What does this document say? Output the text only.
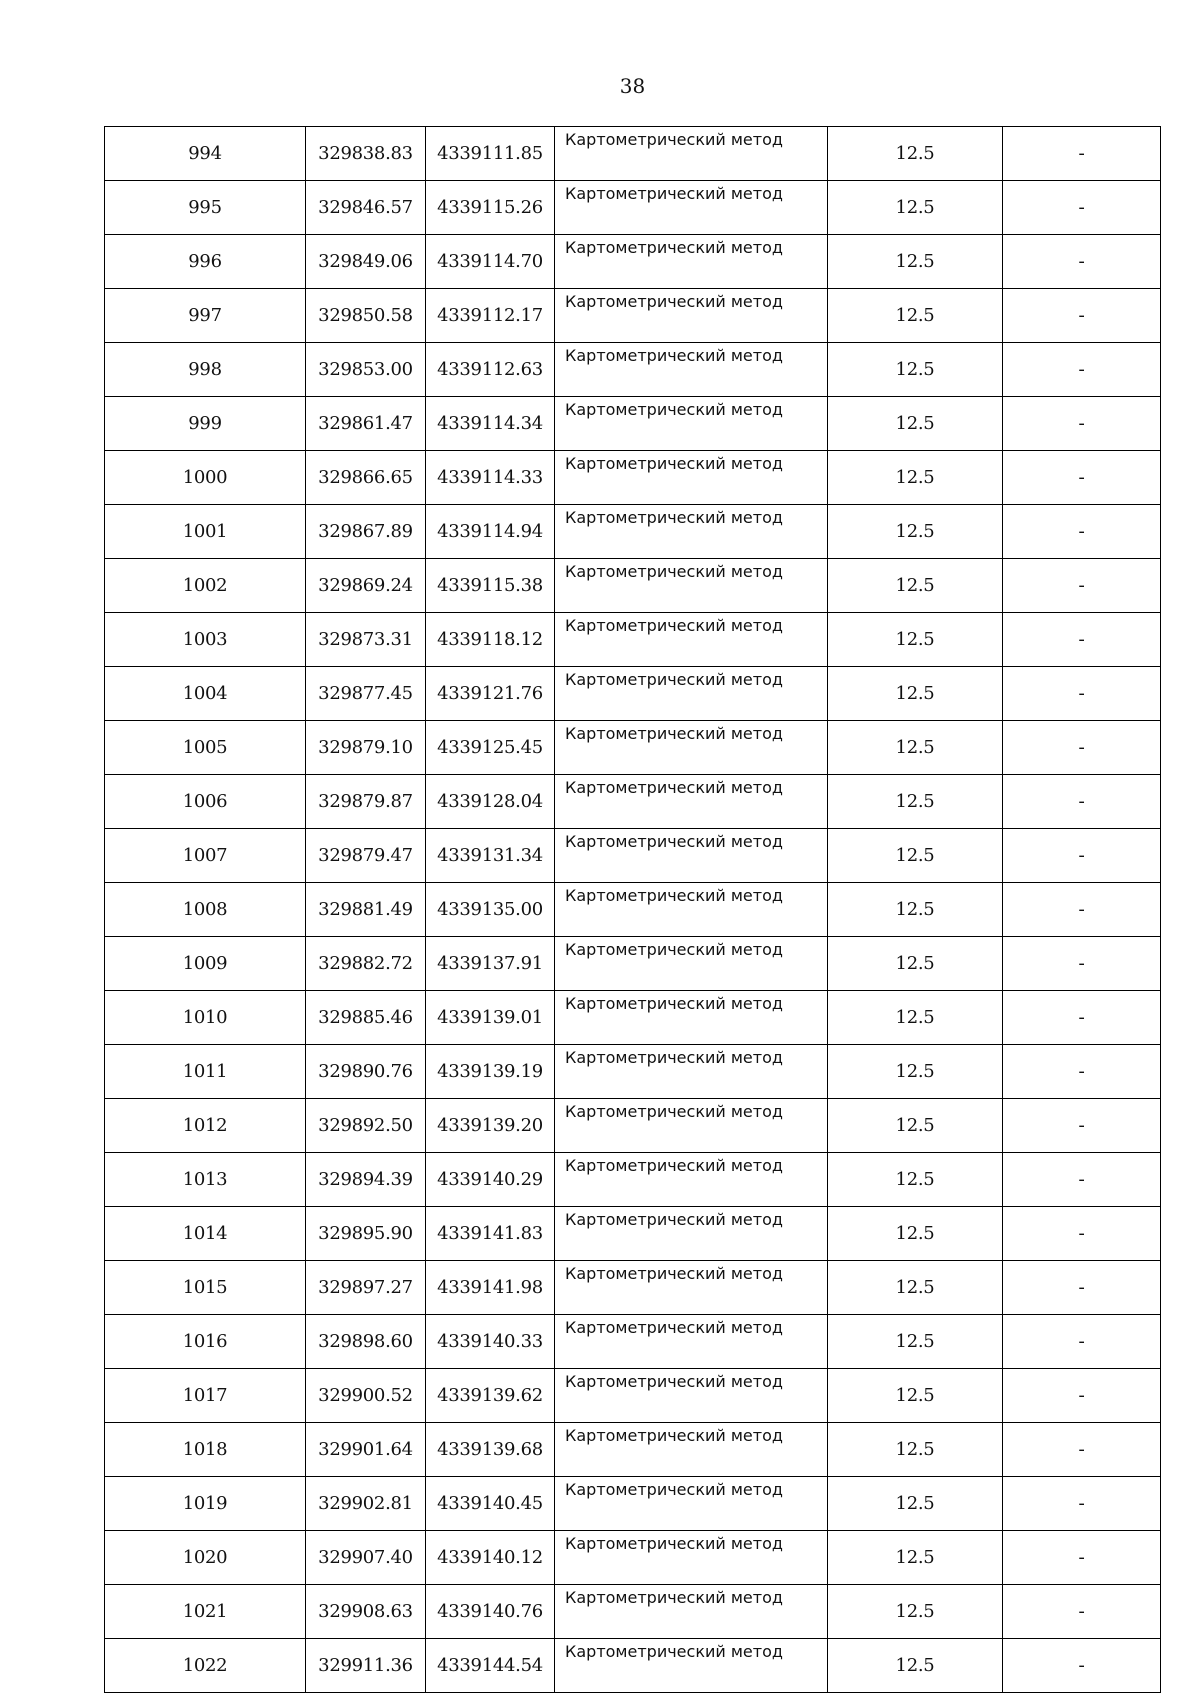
38
994	329838.83	4339111.85	Картометрический метод	12.5	-
995	329846.57	4339115.26	Картометрический метод	12.5	-
996	329849.06	4339114.70	Картометрический метод	12.5	-
997	329850.58	4339112.17	Картометрический метод	12.5	-
998	329853.00	4339112.63	Картометрический метод	12.5	-
999	329861.47	4339114.34	Картометрический метод	12.5	-
1000	329866.65	4339114.33	Картометрический метод	12.5	-
1001	329867.89	4339114.94	Картометрический метод	12.5	-
1002	329869.24	4339115.38	Картометрический метод	12.5	-
1003	329873.31	4339118.12	Картометрический метод	12.5	-
1004	329877.45	4339121.76	Картометрический метод	12.5	-
1005	329879.10	4339125.45	Картометрический метод	12.5	-
1006	329879.87	4339128.04	Картометрический метод	12.5	-
1007	329879.47	4339131.34	Картометрический метод	12.5	-
1008	329881.49	4339135.00	Картометрический метод	12.5	-
1009	329882.72	4339137.91	Картометрический метод	12.5	-
1010	329885.46	4339139.01	Картометрический метод	12.5	-
1011	329890.76	4339139.19	Картометрический метод	12.5	-
1012	329892.50	4339139.20	Картометрический метод	12.5	-
1013	329894.39	4339140.29	Картометрический метод	12.5	-
1014	329895.90	4339141.83	Картометрический метод	12.5	-
1015	329897.27	4339141.98	Картометрический метод	12.5	-
1016	329898.60	4339140.33	Картометрический метод	12.5	-
1017	329900.52	4339139.62	Картометрический метод	12.5	-
1018	329901.64	4339139.68	Картометрический метод	12.5	-
1019	329902.81	4339140.45	Картометрический метод	12.5	-
1020	329907.40	4339140.12	Картометрический метод	12.5	-
1021	329908.63	4339140.76	Картометрический метод	12.5	-
1022	329911.36	4339144.54	Картометрический метод	12.5	-
